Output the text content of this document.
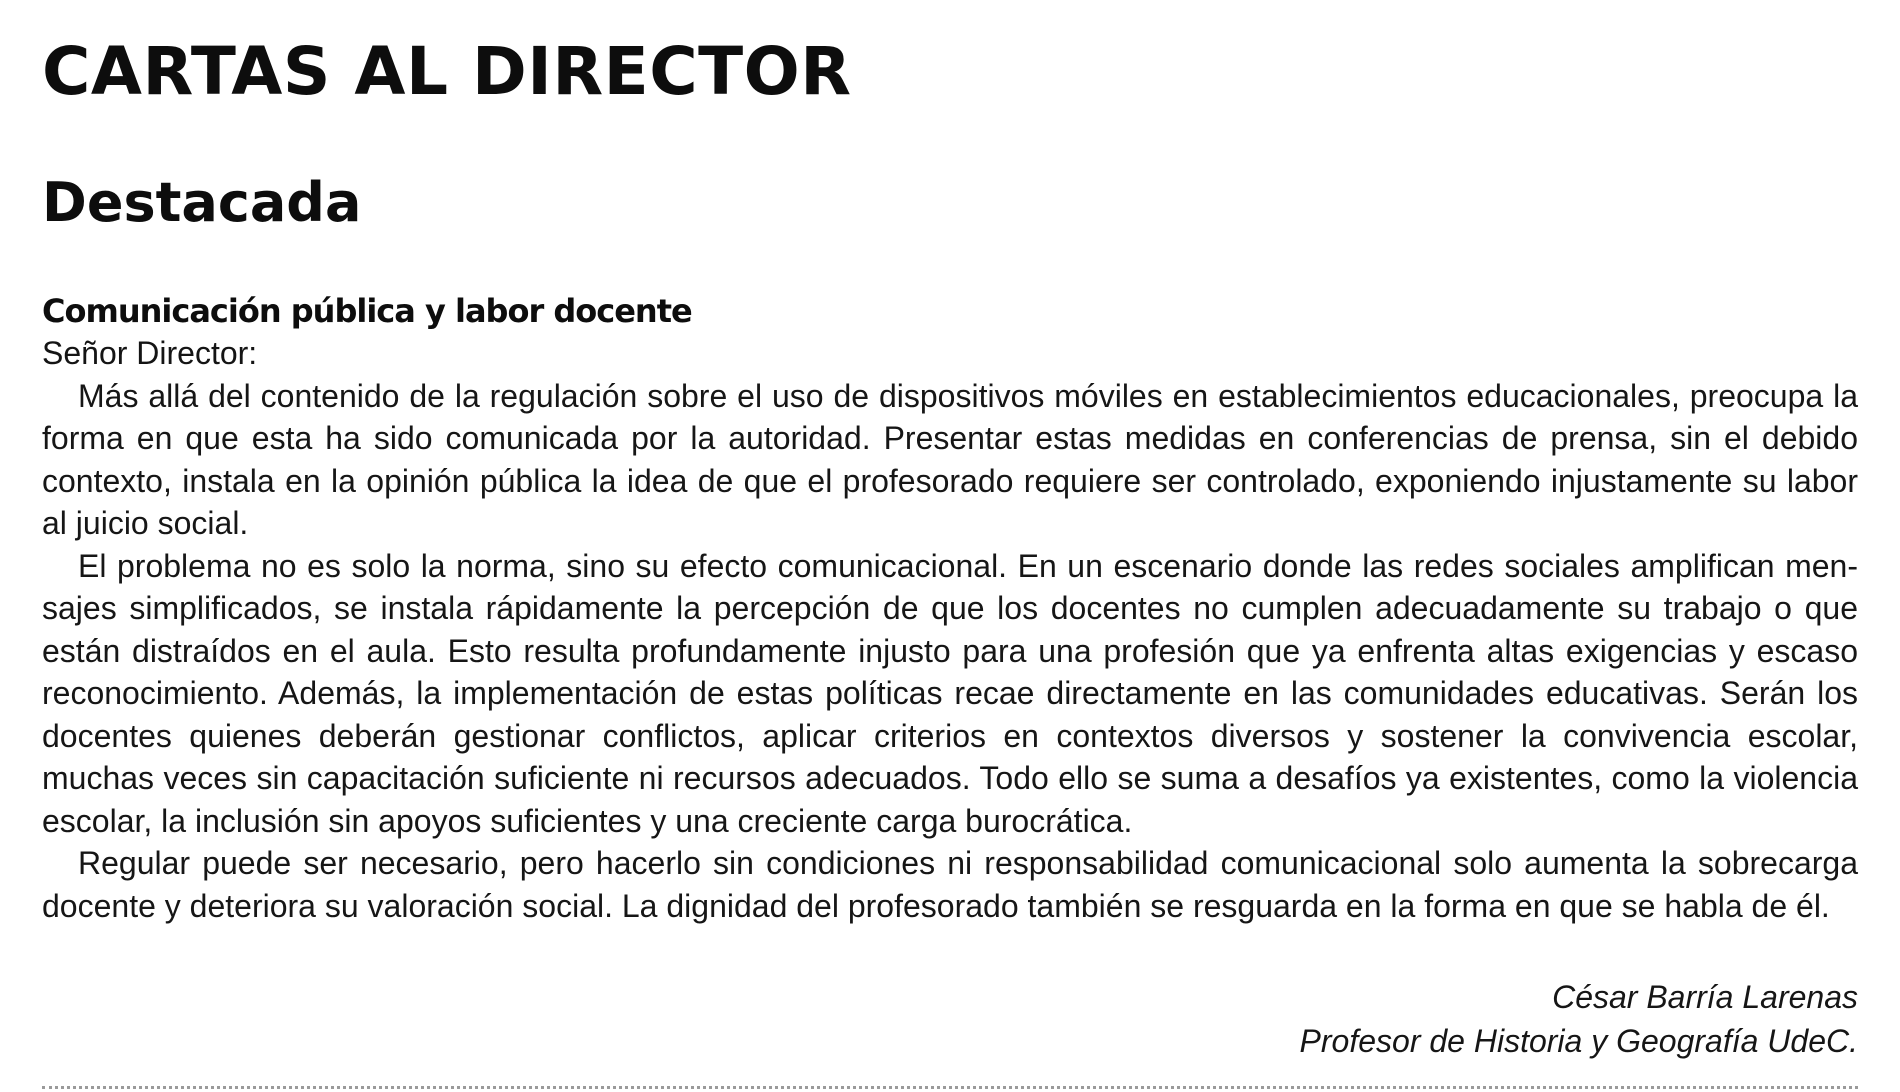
CARTAS AL DIRECTOR
Destacada
Comunicación pública y labor docente

Señor Director:

Más allá del contenido de la regulación sobre el uso de dispositivos móviles en establecimientos educacionales, preocupa la forma en que esta ha sido comunicada por la autoridad. Presentar estas medidas en conferencias de prensa, sin el debido contexto, instala en la opinión pública la idea de que el profesorado requiere ser controlado, exponiendo injustamente su labor al juicio social.

El problema no es solo la norma, sino su efecto comunicacional. En un escenario donde las redes sociales amplifican mensajes simplificados, se instala rápidamente la percepción de que los docentes no cumplen adecuadamente su trabajo o que están distraídos en el aula. Esto resulta profundamente injusto para una profesión que ya enfrenta altas exigencias y escaso reconocimiento. Además, la implementación de estas políticas recae directamente en las comunidades educativas. Serán los docentes quienes deberán gestionar conflictos, aplicar criterios en contextos diversos y sostener la convivencia escolar, muchas veces sin capacitación suficiente ni recursos adecuados. Todo ello se suma a desafíos ya existentes, como la violencia escolar, la inclusión sin apoyos suficientes y una creciente carga burocrática.

Regular puede ser necesario, pero hacerlo sin condiciones ni responsabilidad comunicacional solo aumenta la sobrecarga docente y deteriora su valoración social. La dignidad del profesorado también se resguarda en la forma en que se habla de él.

César Barría Larenas
Profesor de Historia y Geografía UdeC.
